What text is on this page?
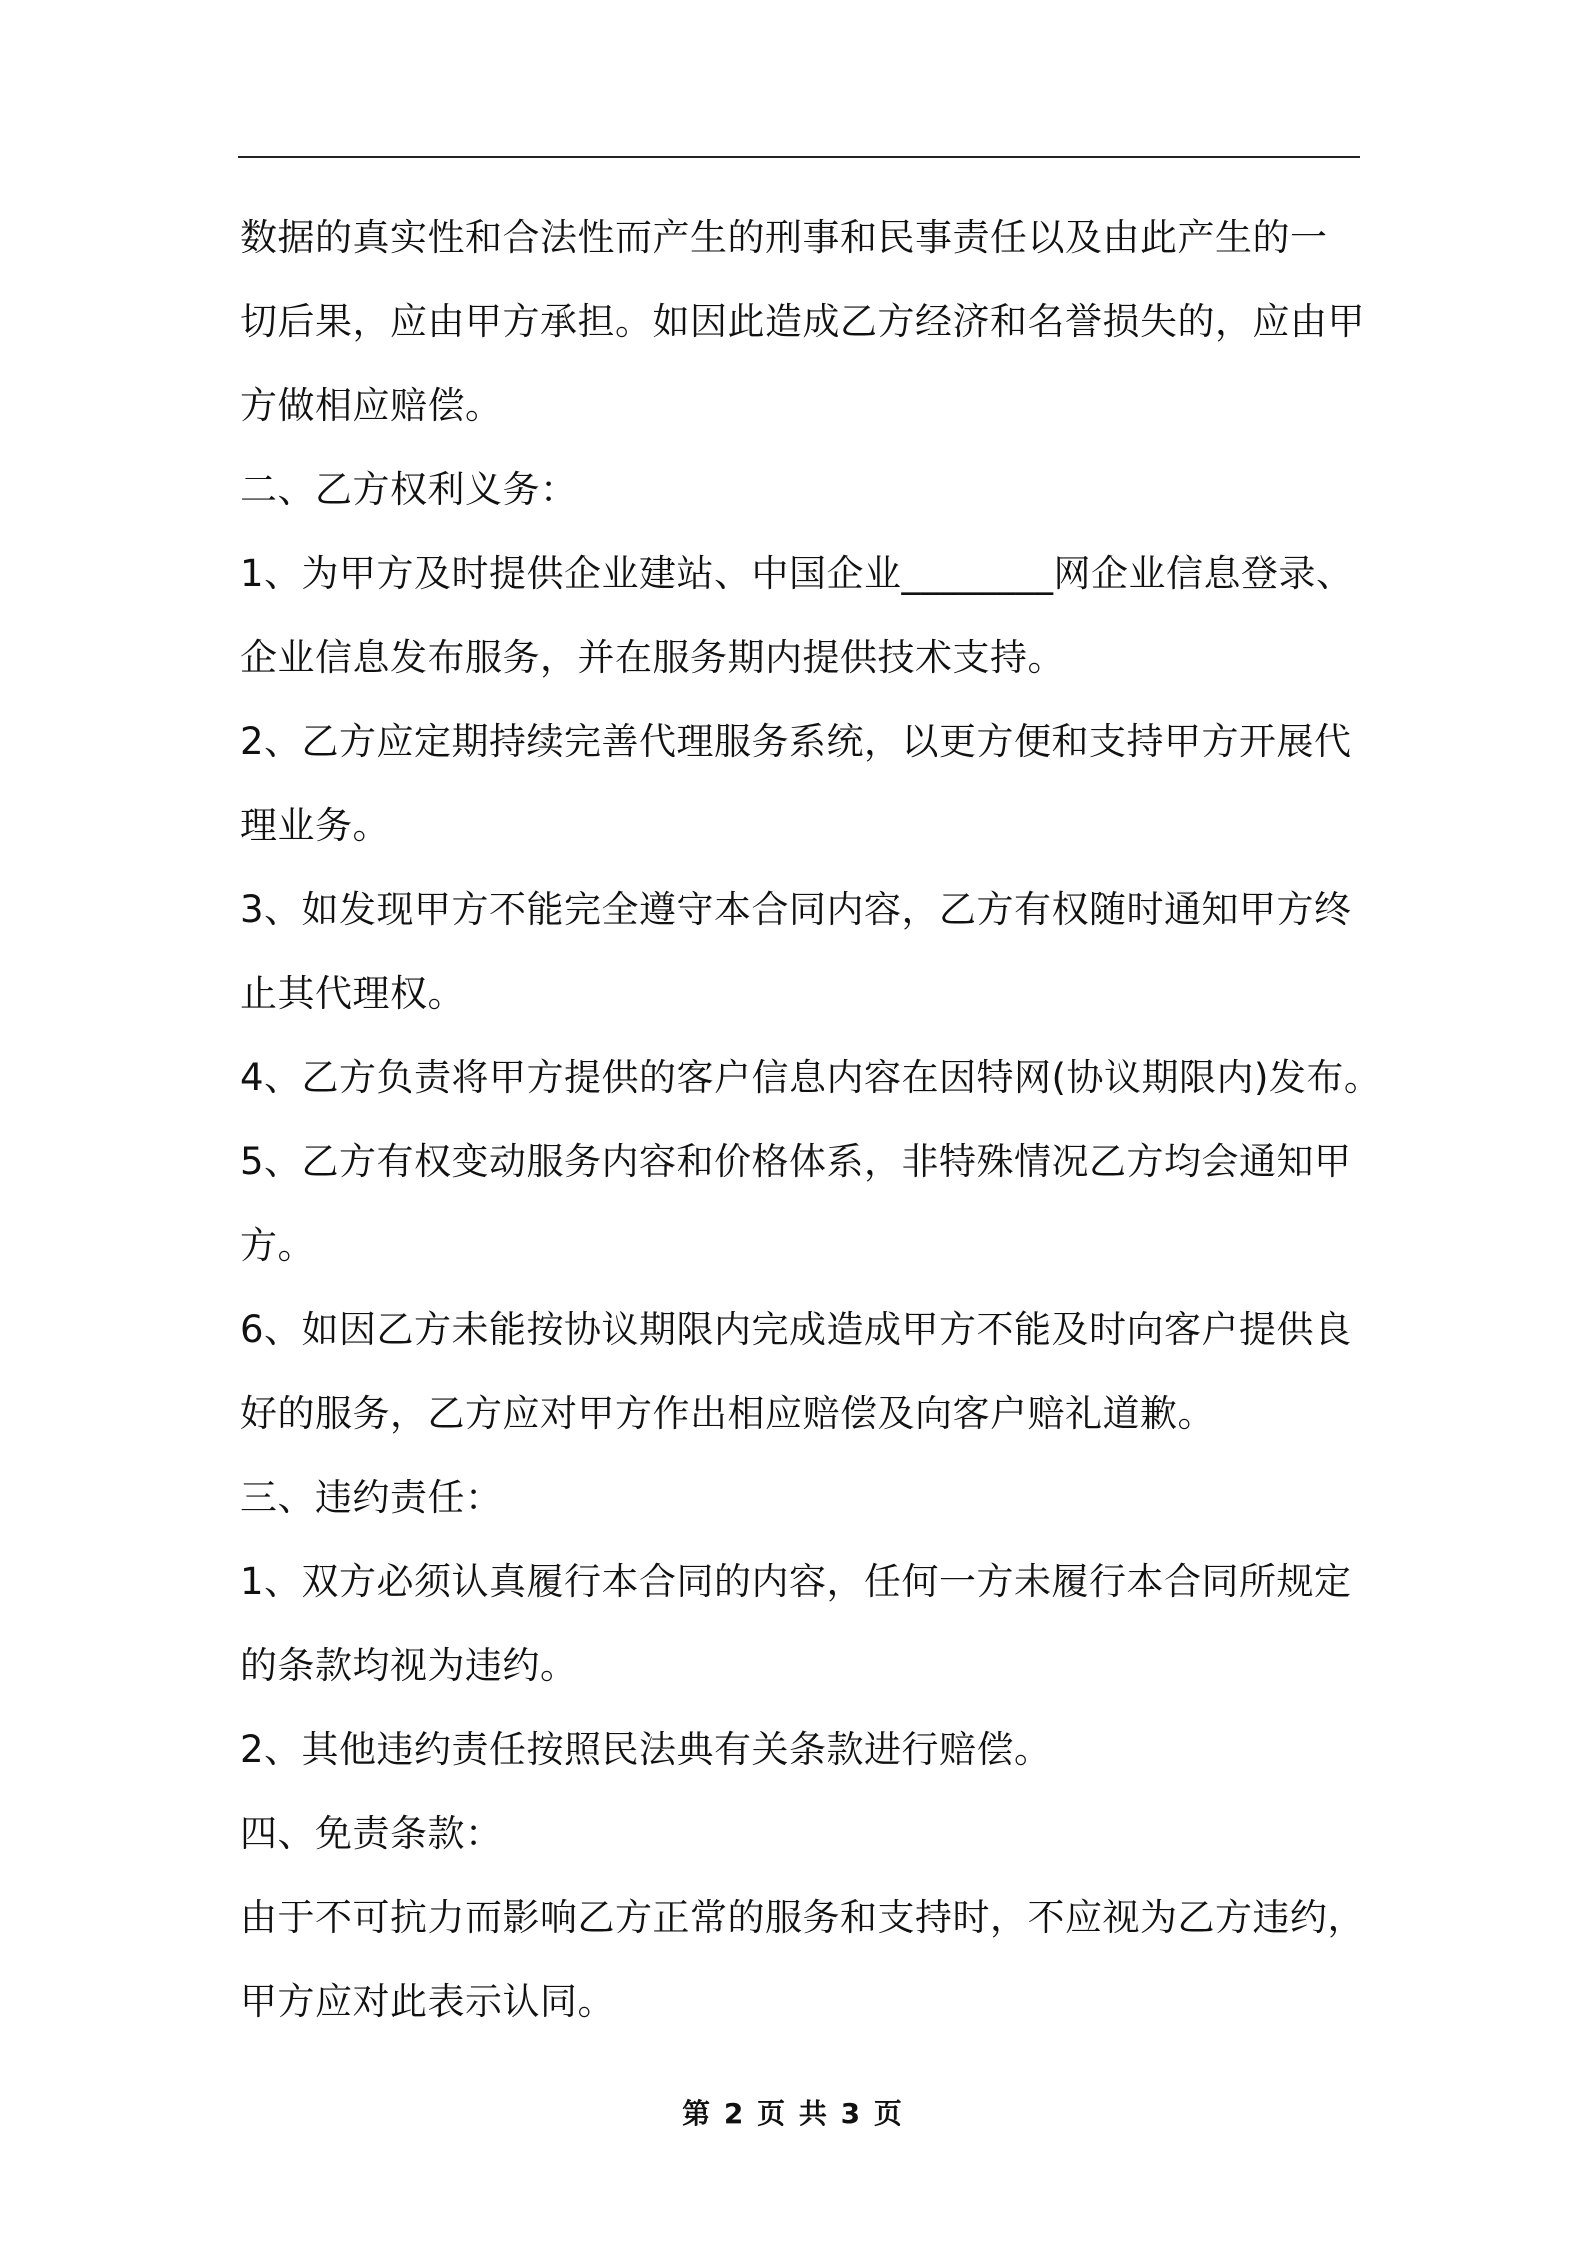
数据的真实性和合法性而产生的刑事和民事责任以及由此产生的一
切后果，应由甲方承担。如因此造成乙方经济和名誉损失的，应由甲
方做相应赔偿。
二、乙方权利义务：
1、为甲方及时提供企业建站、中国企业________网企业信息登录、
企业信息发布服务，并在服务期内提供技术支持。
2、乙方应定期持续完善代理服务系统，以更方便和支持甲方开展代
理业务。
3、如发现甲方不能完全遵守本合同内容，乙方有权随时通知甲方终
止其代理权。
4、乙方负责将甲方提供的客户信息内容在因特网(协议期限内)发布。
5、乙方有权变动服务内容和价格体系，非特殊情况乙方均会通知甲
方。
6、如因乙方未能按协议期限内完成造成甲方不能及时向客户提供良
好的服务，乙方应对甲方作出相应赔偿及向客户赔礼道歉。
三、违约责任：
1、双方必须认真履行本合同的内容，任何一方未履行本合同所规定
的条款均视为违约。
2、其他违约责任按照民法典有关条款进行赔偿。
四、免责条款：
由于不可抗力而影响乙方正常的服务和支持时，不应视为乙方违约，
甲方应对此表示认同。
第 2 页 共 3 页
